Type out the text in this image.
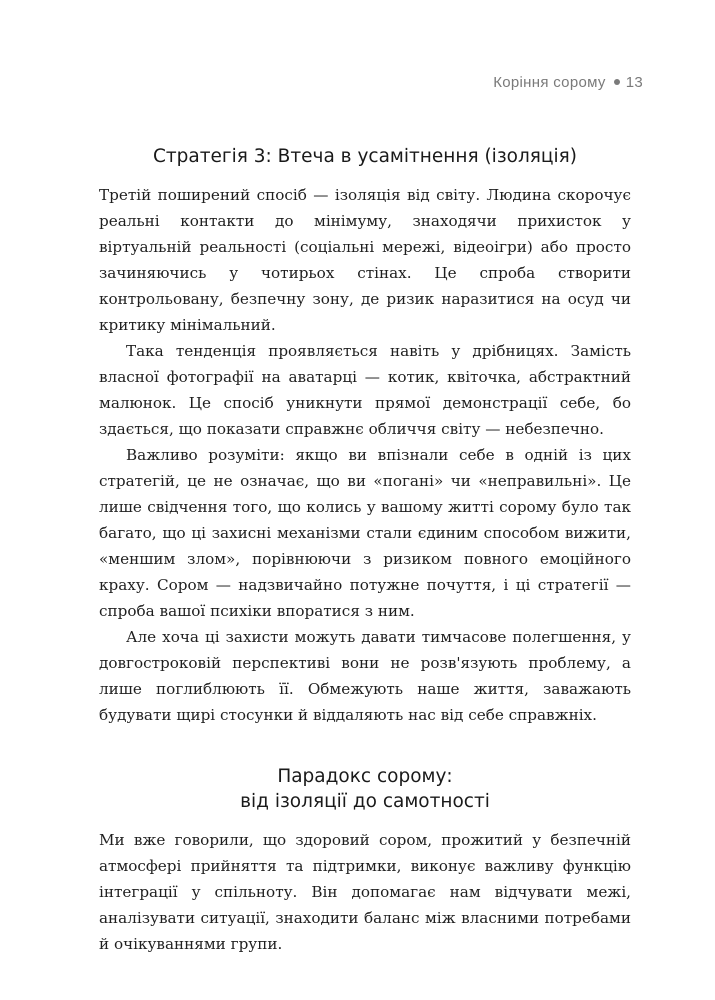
Коріння сорому 13
Стратегія 3: Втеча в усамітнення (ізоляція)

Третій поширений спосіб — ізоляція від світу. Людина скорочує реальні контакти до мінімуму, знаходячи прихисток у віртуальній реальності (соціальні мережі, відеоігри) або просто зачиняючись у чотирьох стінах. Це спроба створити контрольовану, безпечну зону, де ризик наразитися на осуд чи критику мінімальний.

Така тенденція проявляється навіть у дрібницях. Замість власної фотографії на аватарці — котик, квіточка, абстрактний малюнок. Це спосіб уникнути прямої демонстрації себе, бо здається, що показати справжнє обличчя світу — небезпечно.

Важливо розуміти: якщо ви впізнали себе в одній із цих стратегій, це не означає, що ви «погані» чи «неправильні». Це лише свідчення того, що колись у вашому житті сорому було так багато, що ці захисні механізми стали єдиним способом вижити, «меншим злом», порівнюючи з ризиком повного емоційного краху. Сором — надзвичайно потужне почуття, і ці стратегії — спроба вашої психіки впоратися з ним.

Але хоча ці захисти можуть давати тимчасове полегшення, у довгостроковій перспективі вони не розв'язують проблему, а лише поглиблюють її. Обмежують наше життя, заважають будувати щирі стосунки й віддаляють нас від себе справжніх.

Парадокс сорому:
від ізоляції до самотності

Ми вже говорили, що здоровий сором, прожитий у безпечній атмосфері прийняття та підтримки, виконує важливу функцію інтеграції у спільноту. Він допомагає нам відчувати межі, аналізувати ситуації, знаходити баланс між власними потребами й очікуваннями групи.
